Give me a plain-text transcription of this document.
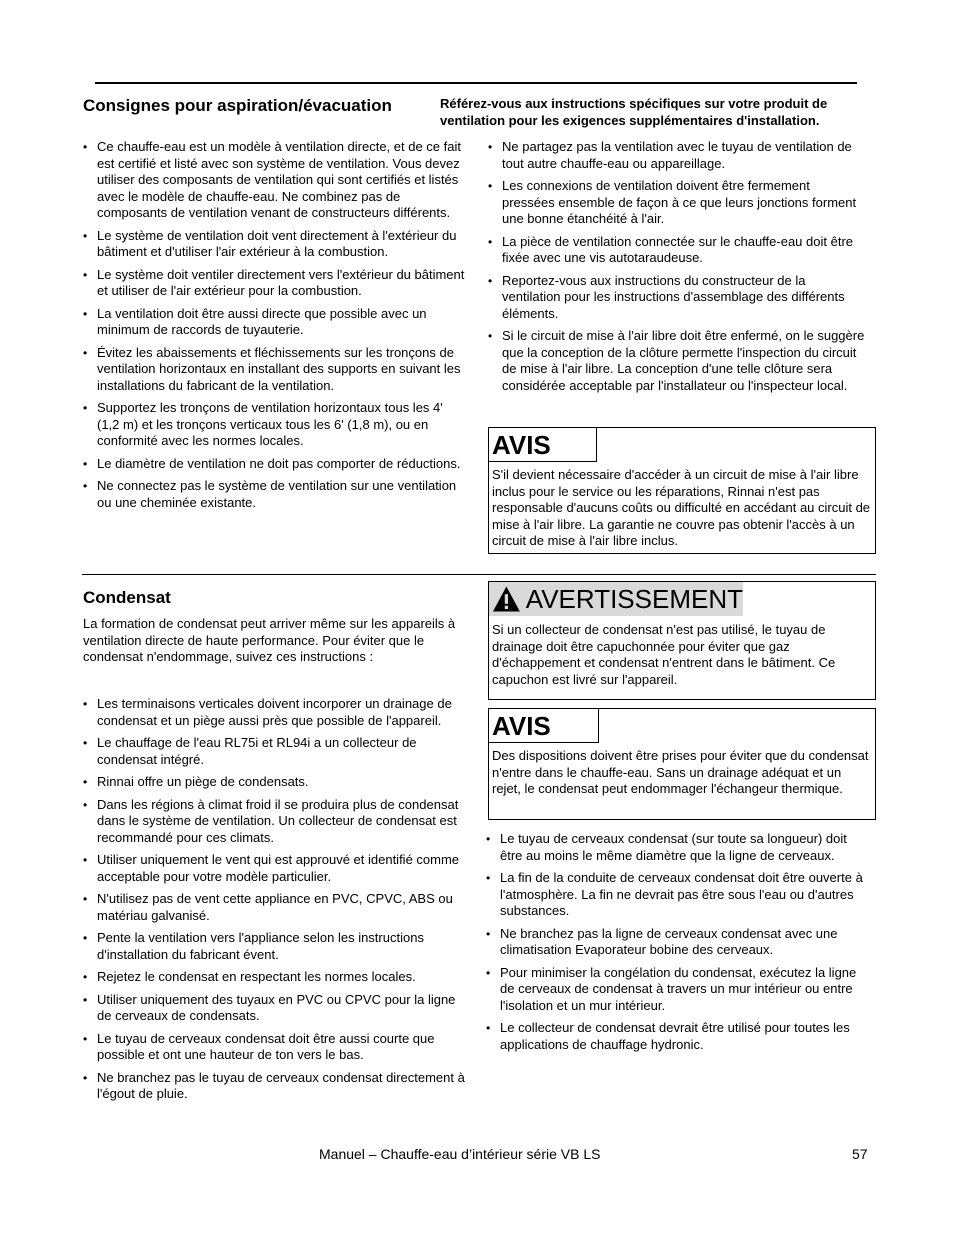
Consignes pour aspiration/évacuation	Référez-vous aux instructions spécifiques sur votre produit de ventilation pour les exigences supplémentaires d'installation.

• Ce chauffe-eau est un modèle à ventilation directe, et de ce fait est certifié et listé avec son système de ventilation. Vous devez utiliser des composants de ventilation qui sont certifiés et listés avec le modèle de chauffe-eau. Ne combinez pas de composants de ventilation venant de constructeurs différents.
• Le système de ventilation doit vent directement à l'extérieur du bâtiment et d'utiliser l'air extérieur à la combustion.
• Le système doit ventiler directement vers l'extérieur du bâtiment et utiliser de l'air extérieur pour la combustion.
• La ventilation doit être aussi directe que possible avec un minimum de raccords de tuyauterie.
• Évitez les abaissements et fléchissements sur les tronçons de ventilation horizontaux en installant des supports en suivant les installations du fabricant de la ventilation.
• Supportez les tronçons de ventilation horizontaux tous les 4' (1,2 m) et les tronçons verticaux tous les 6' (1,8 m), ou en conformité avec les normes locales.
• Le diamètre de ventilation ne doit pas comporter de réductions.
• Ne connectez pas le système de ventilation sur une ventilation ou une cheminée existante.
• Ne partagez pas la ventilation avec le tuyau de ventilation de tout autre chauffe-eau ou appareillage.
• Les connexions de ventilation doivent être fermement pressées ensemble de façon à ce que leurs jonctions forment une bonne étanchéité à l'air.
• La pièce de ventilation connectée sur le chauffe-eau doit être fixée avec une vis autotaraudeuse.
• Reportez-vous aux instructions du constructeur de la ventilation pour les instructions d'assemblage des différents éléments.
• Si le circuit de mise à l'air libre doit être enfermé, on le suggère que la conception de la clôture permette l'inspection du circuit de mise à l'air libre. La conception d'une telle clôture sera considérée acceptable par l'installateur ou l'inspecteur local.
AVIS
S'il devient nécessaire d'accéder à un circuit de mise à l'air libre inclus pour le service ou les réparations, Rinnai n'est pas responsable d'aucuns coûts ou difficulté en accédant au circuit de mise à l'air libre. La garantie ne couvre pas obtenir l'accès à un circuit de mise à l'air libre inclus.
Condensat

La formation de condensat peut arriver même sur les appareils à ventilation directe de haute performance. Pour éviter que le condensat n'endommage, suivez ces instructions :

• Les terminaisons verticales doivent incorporer un drainage de condensat et un piège aussi près que possible de l'appareil.
• Le chauffage de l'eau RL75i et RL94i a un collecteur de condensat intégré.
• Rinnai offre un piège de condensats.
• Dans les régions à climat froid il se produira plus de condensat dans le système de ventilation. Un collecteur de condensat est recommandé pour ces climats.
• Utiliser uniquement le vent qui est approuvé et identifié comme acceptable pour votre modèle particulier.
• N'utilisez pas de vent cette appliance en PVC, CPVC, ABS ou matériau galvanisé.
• Pente la ventilation vers l'appliance selon les instructions d'installation du fabricant évent.
• Rejetez le condensat en respectant les normes locales.
• Utiliser uniquement des tuyaux en PVC ou CPVC pour la ligne de cerveaux de condensats.
• Le tuyau de cerveaux condensat doit être aussi courte que possible et ont une hauteur de ton vers le bas.
• Ne branchez pas le tuyau de cerveaux condensat directement à l'égout de pluie.
AVERTISSEMENT
Si un collecteur de condensat n'est pas utilisé, le tuyau de drainage doit être capuchonnée pour éviter que gaz d'échappement et condensat n'entrent dans le bâtiment. Ce capuchon est livré sur l'appareil.
AVIS
Des dispositions doivent être prises pour éviter que du condensat n'entre dans le chauffe-eau. Sans un drainage adéquat et un rejet, le condensat peut endommager l'échangeur thermique.
• Le tuyau de cerveaux condensat (sur toute sa longueur) doit être au moins le même diamètre que la ligne de cerveaux.
• La fin de la conduite de cerveaux condensat doit être ouverte à l'atmosphère. La fin ne devrait pas être sous l'eau ou d'autres substances.
• Ne branchez pas la ligne de cerveaux condensat avec une climatisation Evaporateur bobine des cerveaux.
• Pour minimiser la congélation du condensat, exécutez la ligne de cerveaux de condensat à travers un mur intérieur ou entre l'isolation et un mur intérieur.
• Le collecteur de condensat devrait être utilisé pour toutes les applications de chauffage hydronic.

Manuel – Chauffe-eau d’intérieur série VB LS	57
